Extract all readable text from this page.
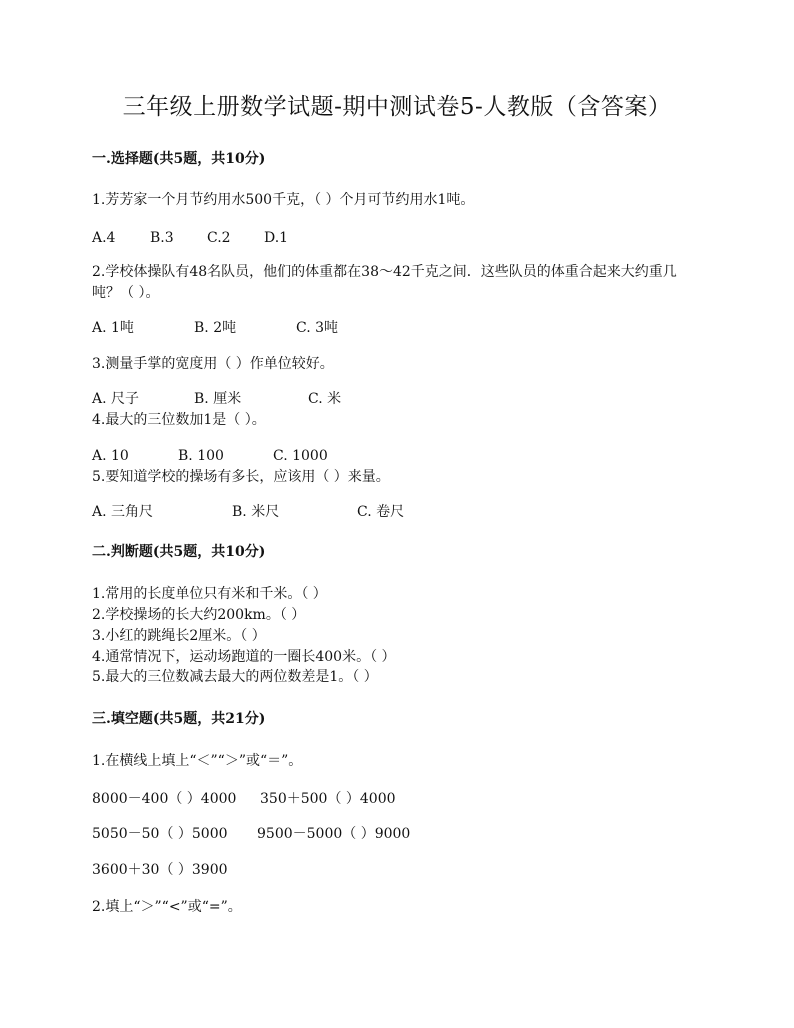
三年级上册数学试题-期中测试卷5-人教版（含答案）
一.选择题(共5题，共10分)
1.芳芳家一个月节约用水500千克，（ ）个月可节约用水1吨。
A.4 B.3 C.2 D.1
2.学校体操队有48名队员，他们的体重都在38～42千克之间．这些队员的体重合起来大约重几吨？（ ）。
A. 1吨	B. 2吨	C. 3吨
3.测量手掌的宽度用（ ）作单位较好。
A. 尺子	B. 厘米	C. 米
4.最大的三位数加1是（ ）。
A. 10	B. 100	C. 1000
5.要知道学校的操场有多长，应该用（ ）来量。
A. 三角尺	B. 米尺	C. 卷尺
二.判断题(共5题，共10分)
1.常用的长度单位只有米和千米。（ ）
2.学校操场的长大约200km。（ ）
3.小红的跳绳长2厘米。（ ）
4.通常情况下，运动场跑道的一圈长400米。（ ）
5.最大的三位数减去最大的两位数差是1。（ ）
三.填空题(共5题，共21分)
1.在横线上填上“＜”“＞”或“＝”。
8000－400（ ）4000 350＋500（ ）4000
5050－50（ ）5000 9500－5000（ ）9000
3600＋30（ ）3900
2.填上“＞”“<”或“=”。
